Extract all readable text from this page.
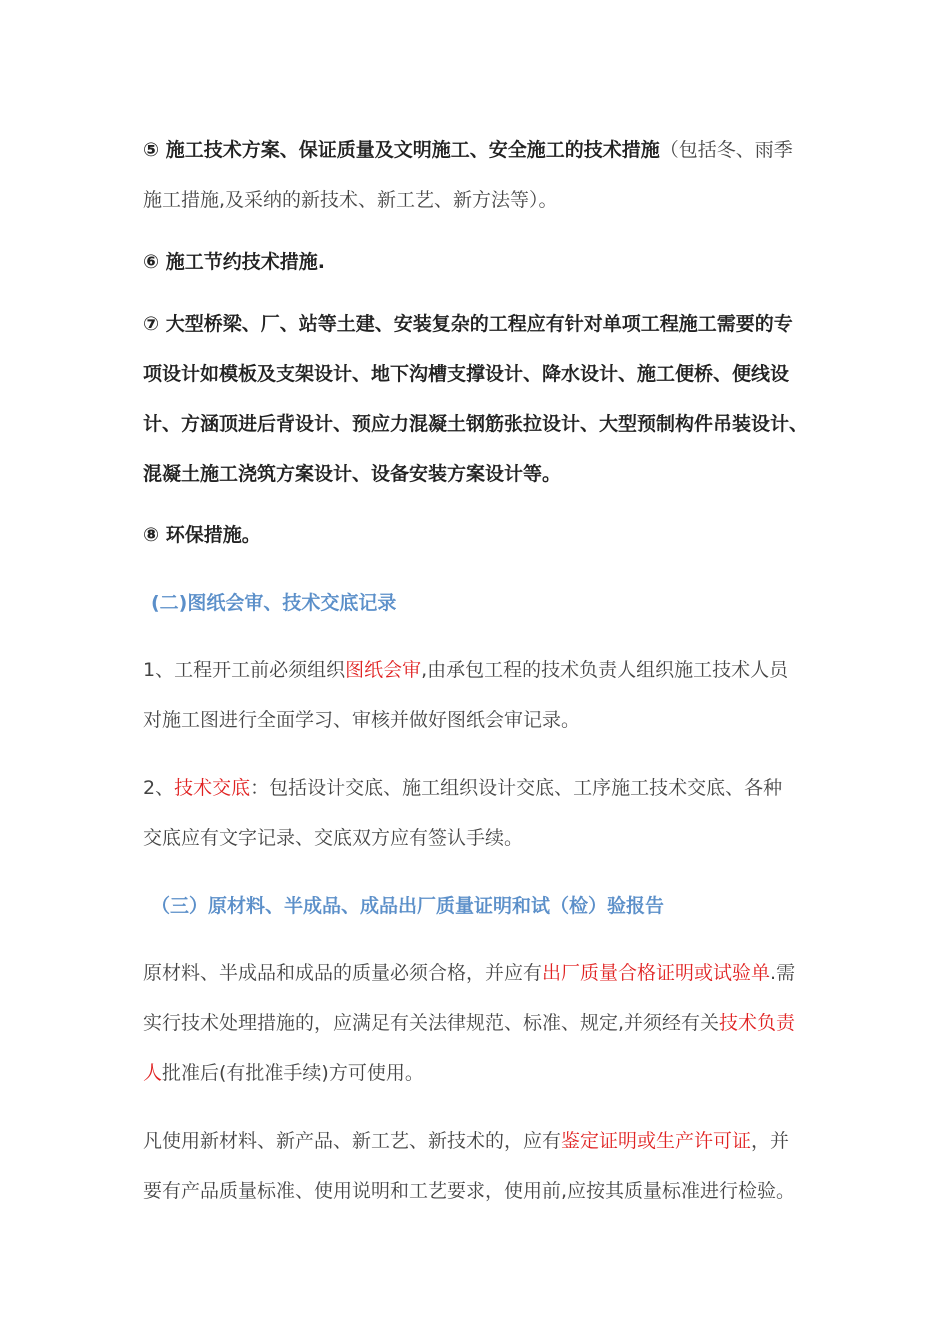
⑤ 施工技术方案、保证质量及文明施工、安全施工的技术措施（包括冬、雨季
施工措施,及采纳的新技术、新工艺、新方法等）。
⑥ 施工节约技术措施.
⑦ 大型桥梁、厂、站等土建、安装复杂的工程应有针对单项工程施工需要的专
项设计如模板及支架设计、地下沟槽支撑设计、降水设计、施工便桥、便线设
计、方涵顶进后背设计、预应力混凝土钢筋张拉设计、大型预制构件吊装设计、
混凝土施工浇筑方案设计、设备安装方案设计等。
⑧ 环保措施。
(二)图纸会审、技术交底记录
1、工程开工前必须组织图纸会审,由承包工程的技术负责人组织施工技术人员
对施工图进行全面学习、审核并做好图纸会审记录。
2、技术交底：包括设计交底、施工组织设计交底、工序施工技术交底、各种
交底应有文字记录、交底双方应有签认手续。
（三）原材料、半成品、成品出厂质量证明和试（检）验报告
原材料、半成品和成品的质量必须合格，并应有出厂质量合格证明或试验单.需
实行技术处理措施的，应满足有关法律规范、标准、规定,并须经有关技术负责
人批准后(有批准手续)方可使用。
凡使用新材料、新产品、新工艺、新技术的，应有鉴定证明或生产许可证，并
要有产品质量标准、使用说明和工艺要求，使用前,应按其质量标准进行检验。
